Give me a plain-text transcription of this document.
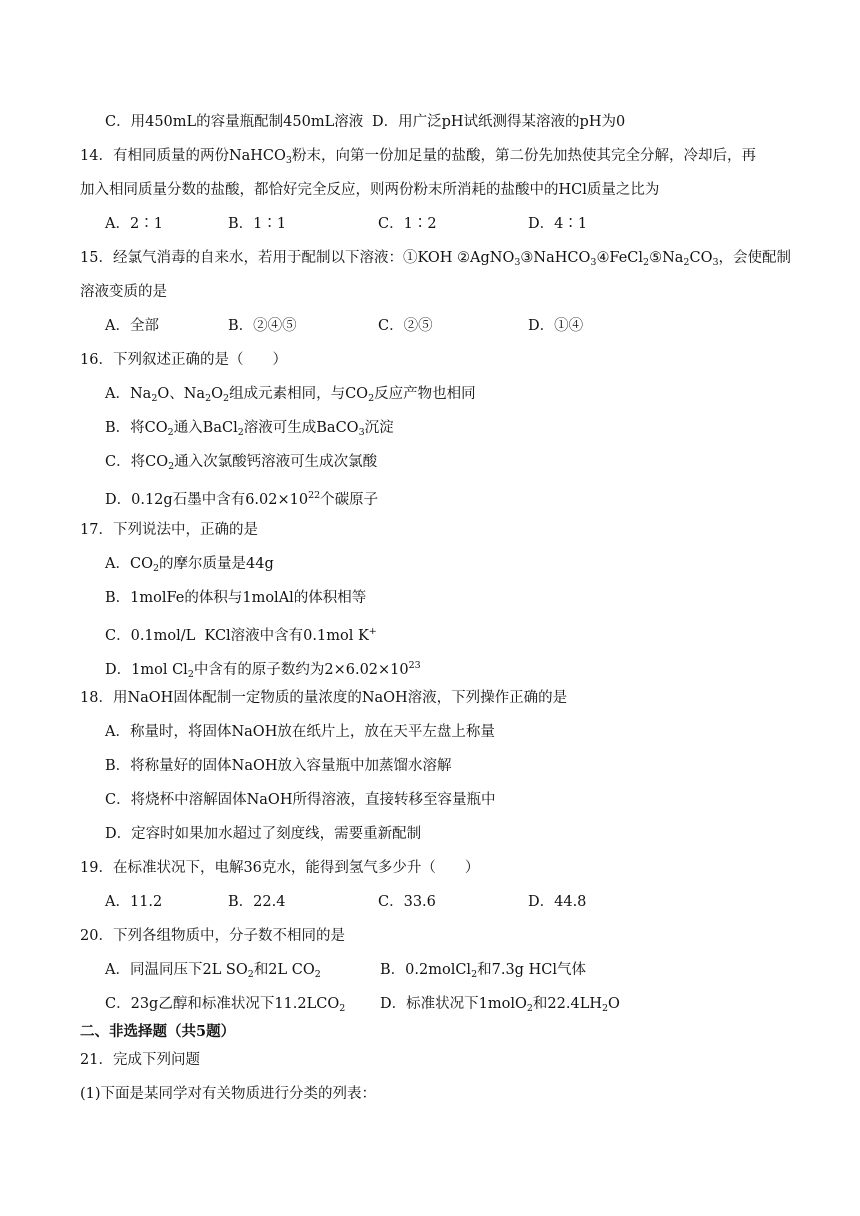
C．用450mL的容量瓶配制450mL溶液 D．用广泛pH试纸测得某溶液的pH为0
14．有相同质量的两份NaHCO$_3$粉末，向第一份加足量的盐酸，第二份先加热使其完全分解，冷却后，再
加入相同质量分数的盐酸，都恰好完全反应，则两份粉末所消耗的盐酸中的HCl质量之比为
A．2∶1	B．1∶1	C．1∶2	D．4∶1
15．经氯气消毒的自来水，若用于配制以下溶液：①KOH $②AgNO_3③NaHCO_3④FeCl_2⑤Na_2CO_3$，会使配制
溶液变质的是
A．全部	B．②④⑤	C．②⑤	D．①④
16．下列叙述正确的是（　　）
A．$Na_2O$、$Na_2O_2$组成元素相同，与$CO_2$反应产物也相同
B．将$CO_2$通入BaCl$_2$溶液可生成BaCO$_3$沉淀
C．将$CO_2$通入次氯酸钙溶液可生成次氯酸
D．0.12g石墨中含有$6.02\times 10^{22}$个碳原子
17．下列说法中，正确的是
A．$CO_2$的摩尔质量是44g
B．1molFe的体积与1molAl的体积相等
C．0.1mol/L  KCl溶液中含有0.1mol K+
D．1mol $Cl_2$中含有的原子数约为$2\times 6.02\times 10^{23}$
18．用NaOH固体配制一定物质的量浓度的NaOH溶液，下列操作正确的是
A．称量时，将固体NaOH放在纸片上，放在天平左盘上称量
B．将称量好的固体NaOH放入容量瓶中加蒸馏水溶解
C．将烧杯中溶解固体NaOH所得溶液，直接转移至容量瓶中
D．定容时如果加水超过了刻度线，需要重新配制
19．在标准状况下，电解36克水，能得到氢气多少升（　　）
A．11.2	B．22.4	C．33.6	D．44.8
20．下列各组物质中，分子数不相同的是
A．同温同压下2L $SO_2$和2L $CO_2$	B．0.2molCl$_2$和7.3g HCl气体
C．23g乙醇和标准状况下$11.2LCO_2$ D．标准状况下1molO$_2$和$22.4LH_2O$
二、非选择题（共5题）
21．完成下列问题
(1)下面是某同学对有关物质进行分类的列表：
